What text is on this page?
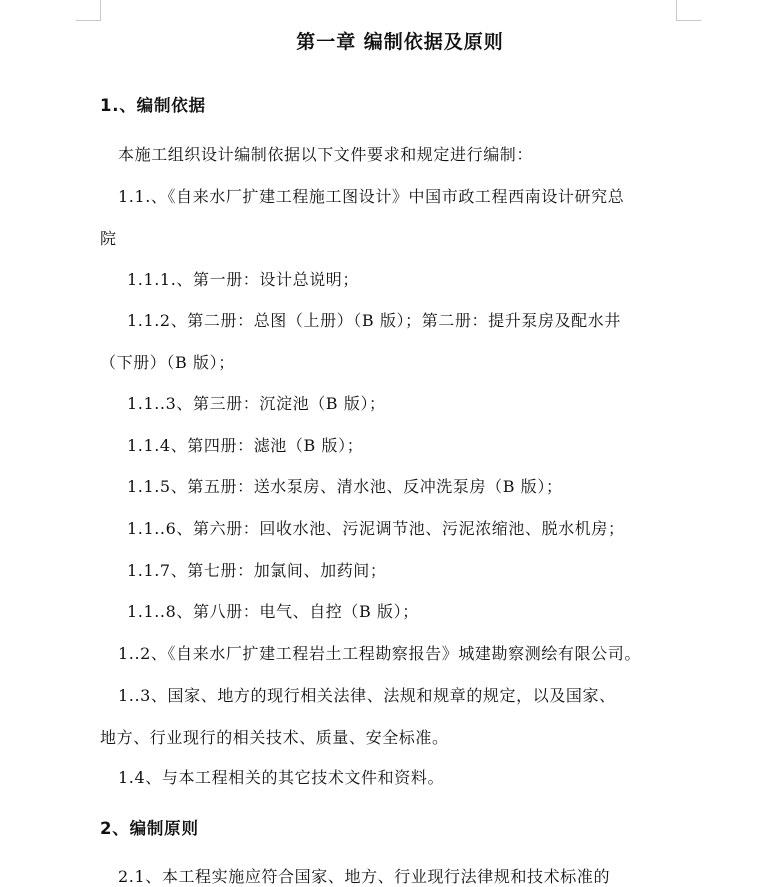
第一章 编制依据及原则
1.、编制依据
本施工组织设计编制依据以下文件要求和规定进行编制：
1.1.、《自来水厂扩建工程施工图设计》中国市政工程西南设计研究总
院
1.1.1.、第一册：设计总说明；
1.1.2、第二册：总图（上册）（B 版）；第二册：提升泵房及配水井
（下册）（B 版）；
1.1..3、第三册：沉淀池（B 版）；
1.1.4、第四册：滤池（B 版）；
1.1.5、第五册：送水泵房、清水池、反冲洗泵房（B 版）；
1.1..6、第六册：回收水池、污泥调节池、污泥浓缩池、脱水机房；
1.1.7、第七册：加氯间、加药间；
1.1..8、第八册：电气、自控（B 版）；
1..2、《自来水厂扩建工程岩土工程勘察报告》城建勘察测绘有限公司。
1..3、国家、地方的现行相关法律、法规和规章的规定，以及国家、
地方、行业现行的相关技术、质量、安全标准。
1.4、与本工程相关的其它技术文件和资料。
2、编制原则
2.1、本工程实施应符合国家、地方、行业现行法律规和技术标准的
